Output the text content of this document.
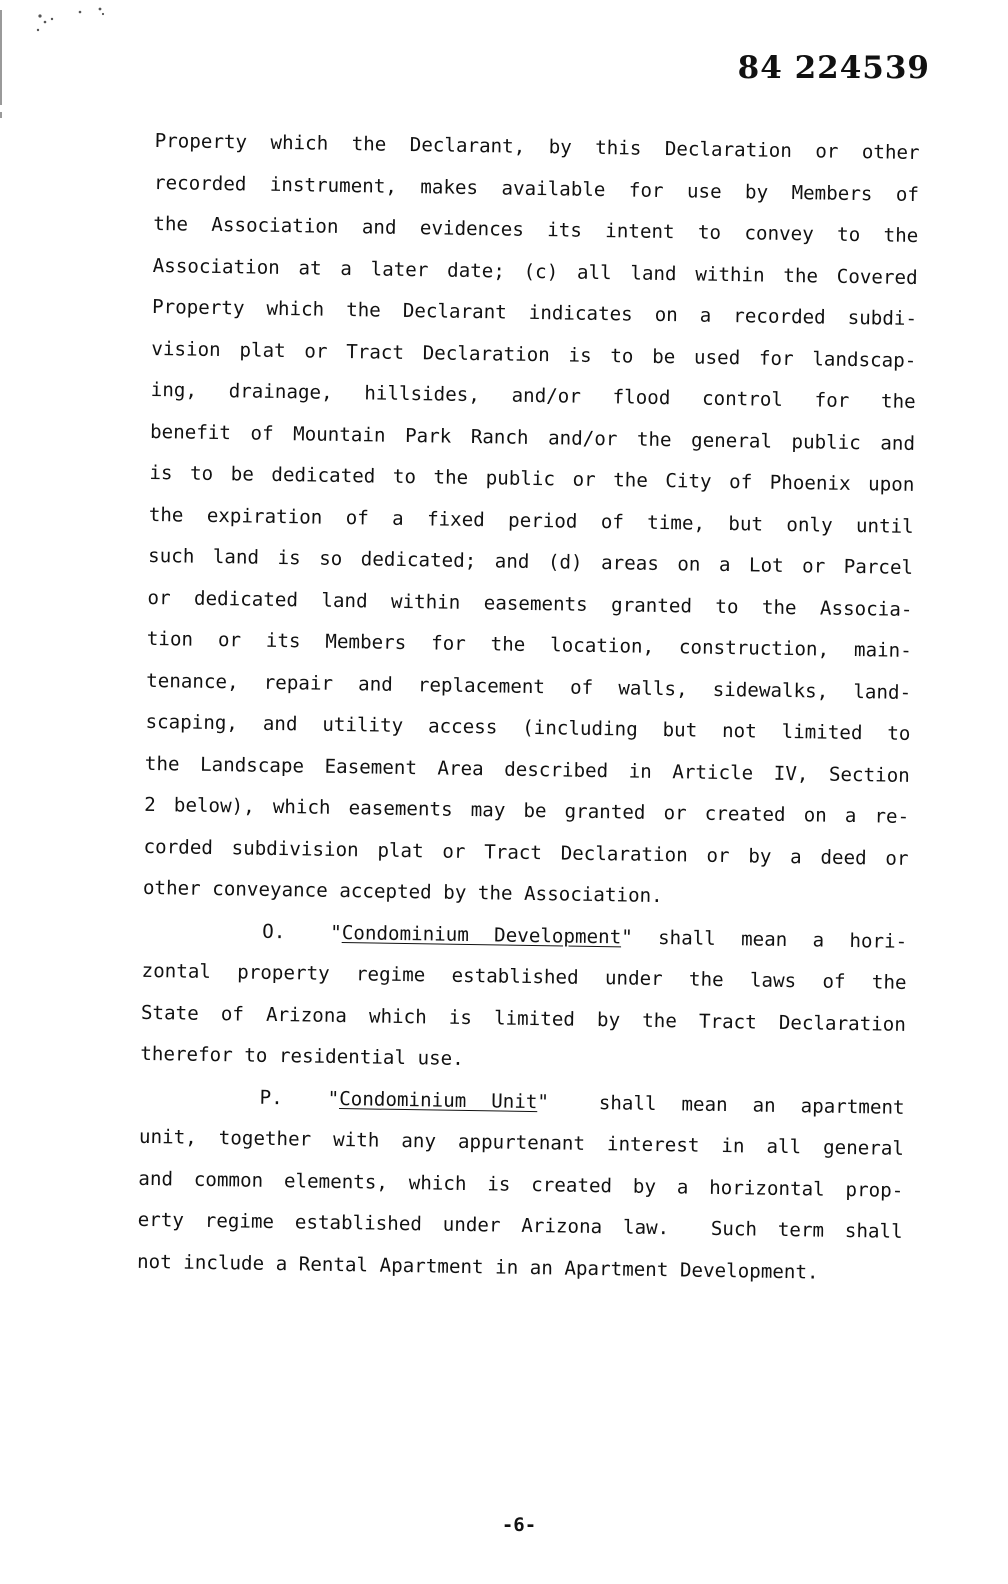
84 224539
Property which the Declarant, by this Declaration or other
recorded instrument, makes available for use by Members of
the Association and evidences its intent to convey to the
Association at a later date; (c) all land within the Covered
Property which the Declarant indicates on a recorded subdi-
vision plat or Tract Declaration is to be used for landscap-
ing, drainage, hillsides, and/or flood control for the
benefit of Mountain Park Ranch and/or the general public and
is to be dedicated to the public or the City of Phoenix upon
the expiration of a fixed period of time, but only until
such land is so dedicated; and (d) areas on a Lot or Parcel
or dedicated land within easements granted to the Associa-
tion or its Members for the location, construction, main-
tenance, repair and replacement of walls, sidewalks, land-
scaping, and utility access (including but not limited to
the Landscape Easement Area described in Article IV, Section
2 below), which easements may be granted or created on a re-
corded subdivision plat or Tract Declaration or by a deed or
other conveyance accepted by the Association.
O. "Condominium Development" shall mean a hori-
zontal property regime established under the laws of the
State of Arizona which is limited by the Tract Declaration
therefor to residential use.
P. "Condominium Unit"  shall mean an apartment
unit, together with any appurtenant interest in all general
and common elements, which is created by a horizontal prop-
erty regime established under Arizona law.  Such term shall
not include a Rental Apartment in an Apartment Development.
-6-
